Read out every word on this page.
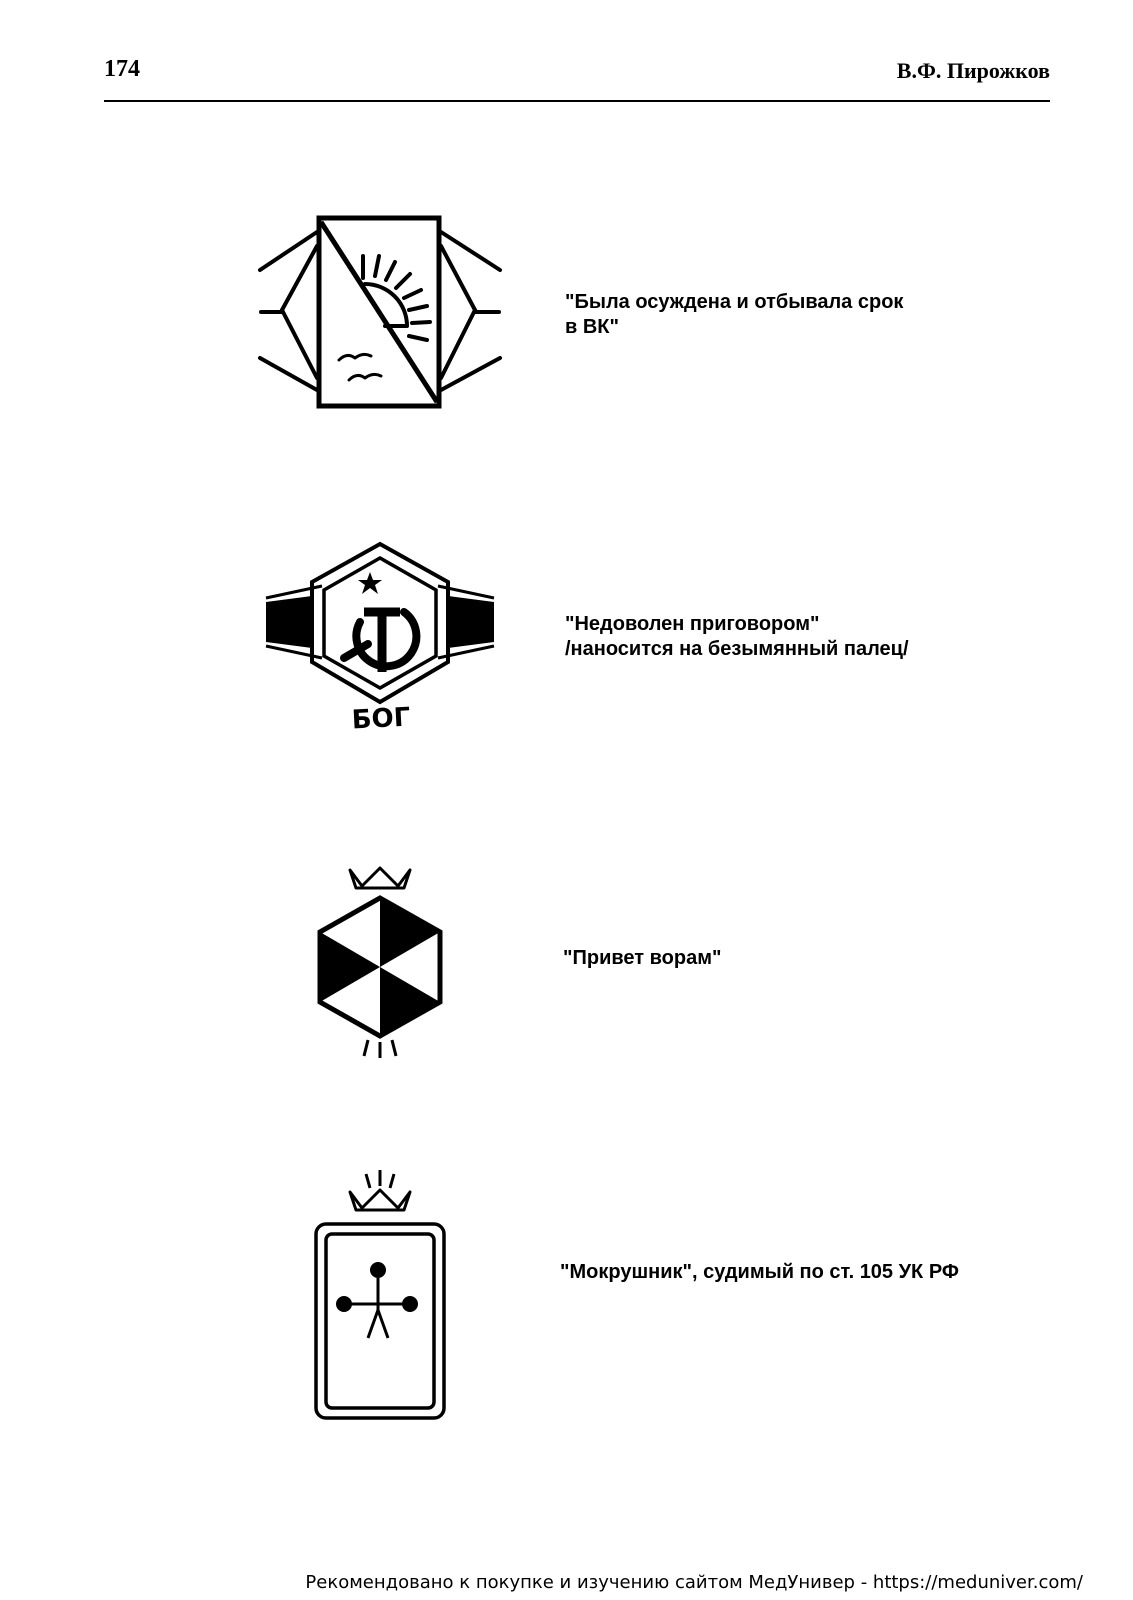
174	В.Ф. Пирожков
"Была осуждена и отбывала срок
в ВК"
БОГ
"Недоволен приговором"
/наносится на безымянный палец/
"Привет ворам"
"Мокрушник", судимый по ст. 105 УК РФ
Рекомендовано к покупке и изучению сайтом МедУнивер - https://meduniver.com/
